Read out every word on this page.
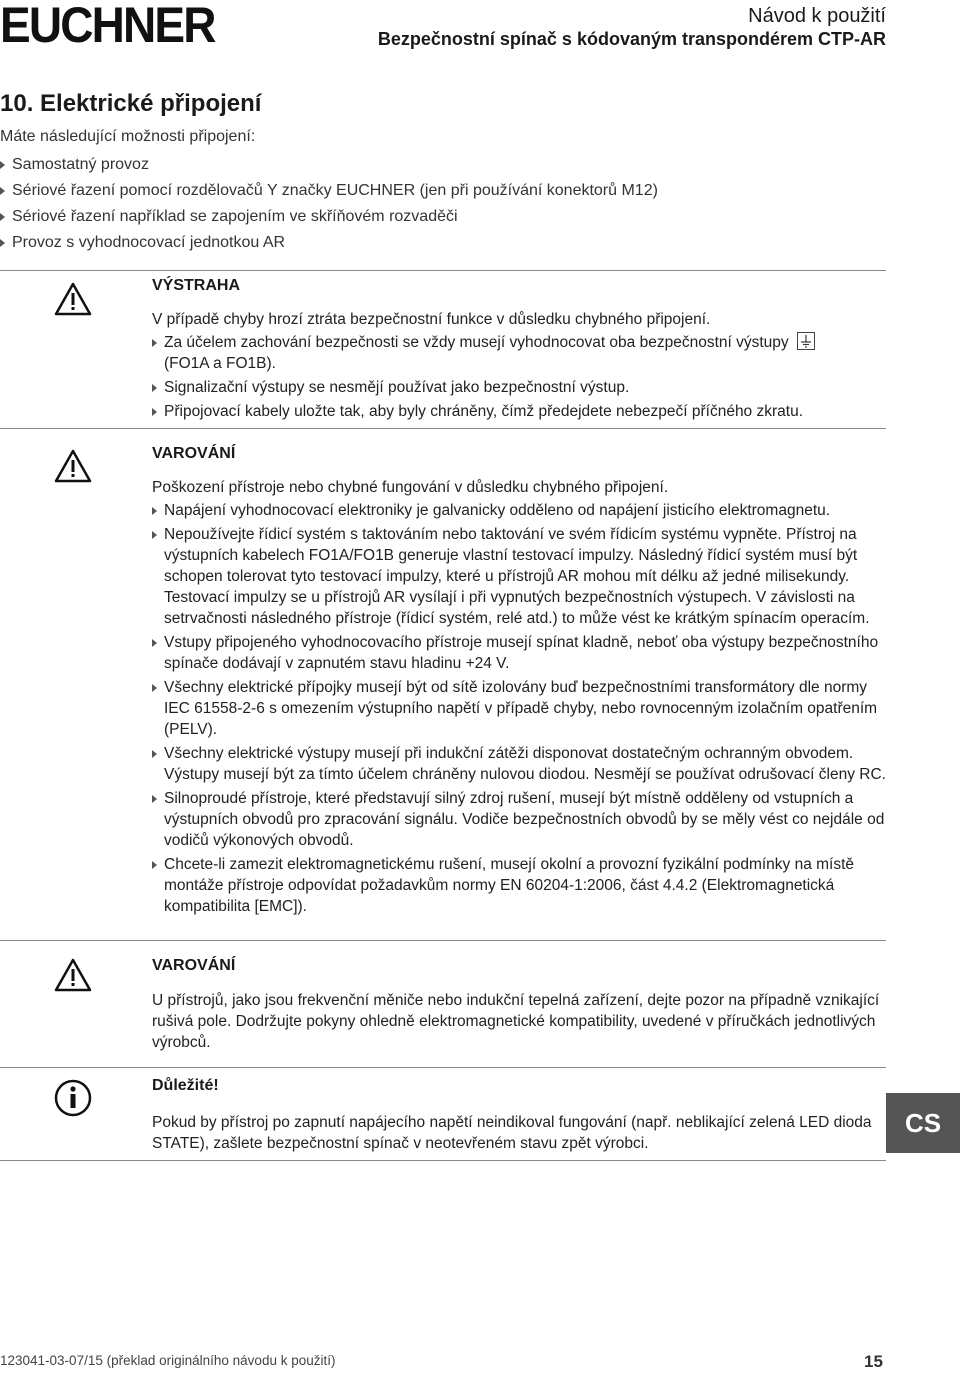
EUCHNER	Návod k použití
Bezpečnostní spínač s kódovaným transpondérem CTP-AR
10. Elektrické připojení
Máte následující možnosti připojení:
Samostatný provoz
Sériové řazení pomocí rozdělovačů Y značky EUCHNER (jen při používání konektorů M12)
Sériové řazení například se zapojením ve skříňovém rozvaděči
Provoz s vyhodnocovací jednotkou AR
VÝSTRAHA
V případě chyby hrozí ztráta bezpečnostní funkce v důsledku chybného připojení.
Za účelem zachování bezpečnosti se vždy musejí vyhodnocovat oba bezpečnostní výstupy
(FO1A a FO1B).
Signalizační výstupy se nesmějí používat jako bezpečnostní výstup.
Připojovací kabely uložte tak, aby byly chráněny, čímž předejdete nebezpečí příčného zkratu.
VAROVÁNÍ
Poškození přístroje nebo chybné fungování v důsledku chybného připojení.
Napájení vyhodnocovací elektroniky je galvanicky odděleno od napájení jisticího elektromagnetu.
Nepoužívejte řídicí systém s taktováním nebo taktování ve svém řídicím systému vypněte. Přístroj na výstupních kabelech FO1A/FO1B generuje vlastní testovací impulzy. Následný řídicí systém musí být schopen tolerovat tyto testovací impulzy, které u přístrojů AR mohou mít délku až jedné milisekundy. Testovací impulzy se u přístrojů AR vysílají i při vypnutých bezpečnostních výstupech. V závislosti na setrvačnosti následného přístroje (řídicí systém, relé atd.) to může vést ke krátkým spínacím operacím.
Vstupy připojeného vyhodnocovacího přístroje musejí spínat kladně, neboť oba výstupy bezpečnostního spínače dodávají v zapnutém stavu hladinu +24 V.
Všechny elektrické přípojky musejí být od sítě izolovány buď bezpečnostními transformátory dle normy IEC 61558-2-6 s omezením výstupního napětí v případě chyby, nebo rovnocenným izolačním opatřením (PELV).
Všechny elektrické výstupy musejí při indukční zátěži disponovat dostatečným ochranným obvodem. Výstupy musejí být za tímto účelem chráněny nulovou diodou. Nesmějí se používat odrušovací členy RC.
Silnoproudé přístroje, které představují silný zdroj rušení, musejí být místně odděleny od vstupních a výstupních obvodů pro zpracování signálu. Vodiče bezpečnostních obvodů by se měly vést co nejdále od vodičů výkonových obvodů.
Chcete-li zamezit elektromagnetickému rušení, musejí okolní a provozní fyzikální podmínky na místě montáže přístroje odpovídat požadavkům normy EN 60204-1:2006, část 4.4.2 (Elektromagnetická kompatibilita [EMC]).
VAROVÁNÍ
U přístrojů, jako jsou frekvenční měniče nebo indukční tepelná zařízení, dejte pozor na případně vznikající rušivá pole. Dodržujte pokyny ohledně elektromagnetické kompatibility, uvedené v příručkách jednotlivých výrobců.
Důležité!
Pokud by přístroj po zapnutí napájecího napětí neindikoval fungování (např. neblikající zelená LED dioda STATE), zašlete bezpečnostní spínač v neotevřeném stavu zpět výrobci.
CS
123041-03-07/15 (překlad originálního návodu k použití)	15
